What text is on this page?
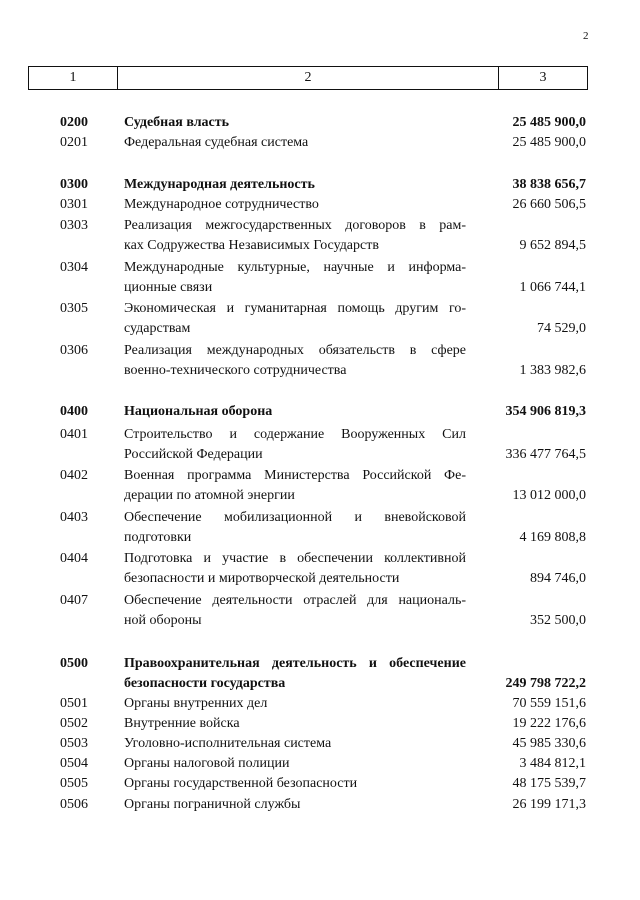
2
1	2	3
0200	Судебная власть	25 485 900,0
0201	Федеральная судебная система	25 485 900,0
0300	Международная деятельность	38 838 656,7
0301	Международное сотрудничество	26 660 506,5
0303	Реализация межгосударственных договоров в рам-
ках Содружества Независимых Государств	9 652 894,5
0304	Международные культурные, научные и информа-
ционные связи	1 066 744,1
0305	Экономическая и гуманитарная помощь другим го-
сударствам	74 529,0
0306	Реализация международных обязательств в сфере
военно-технического сотрудничества	1 383 982,6
0400	Национальная оборона	354 906 819,3
0401	Строительство и содержание Вооруженных Сил
Российской Федерации	336 477 764,5
0402	Военная программа Министерства Российской Фе-
дерации по атомной энергии	13 012 000,0
0403	Обеспечение мобилизационной и вневойсковой
подготовки	4 169 808,8
0404	Подготовка и участие в обеспечении коллективной
безопасности и миротворческой деятельности	894 746,0
0407	Обеспечение деятельности отраслей для националь-
ной обороны	352 500,0
0500	Правоохранительная деятельность и обеспечение
безопасности государства	249 798 722,2
0501	Органы внутренних дел	70 559 151,6
0502	Внутренние войска	19 222 176,6
0503	Уголовно-исполнительная система	45 985 330,6
0504	Органы налоговой полиции	3 484 812,1
0505	Органы государственной безопасности	48 175 539,7
0506	Органы пограничной службы	26 199 171,3
